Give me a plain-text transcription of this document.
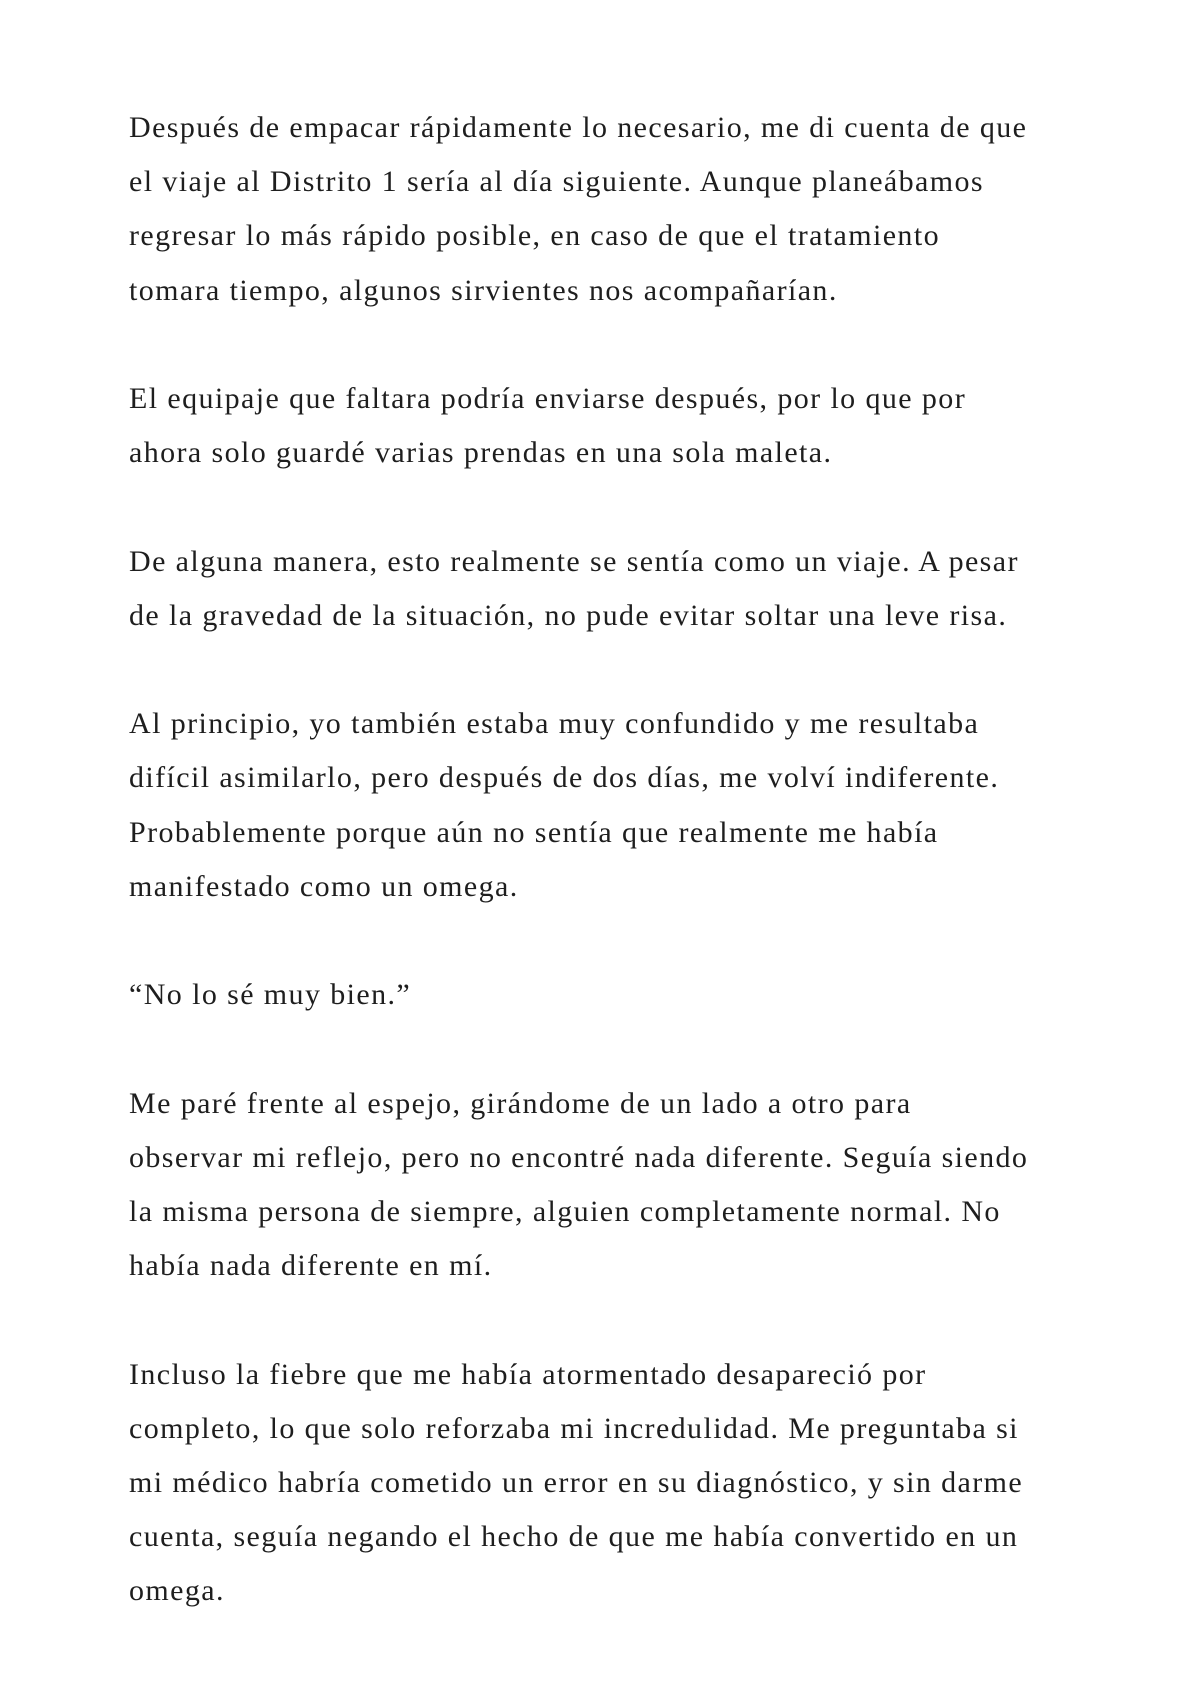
Después de empacar rápidamente lo necesario, me di cuenta de que
el viaje al Distrito 1 sería al día siguiente. Aunque planeábamos
regresar lo más rápido posible, en caso de que el tratamiento
tomara tiempo, algunos sirvientes nos acompañarían.

El equipaje que faltara podría enviarse después, por lo que por
ahora solo guardé varias prendas en una sola maleta.

De alguna manera, esto realmente se sentía como un viaje. A pesar
de la gravedad de la situación, no pude evitar soltar una leve risa.

Al principio, yo también estaba muy confundido y me resultaba
difícil asimilarlo, pero después de dos días, me volví indiferente.
Probablemente porque aún no sentía que realmente me había
manifestado como un omega.

“No lo sé muy bien.”

Me paré frente al espejo, girándome de un lado a otro para
observar mi reflejo, pero no encontré nada diferente. Seguía siendo
la misma persona de siempre, alguien completamente normal. No
había nada diferente en mí.

Incluso la fiebre que me había atormentado desapareció por
completo, lo que solo reforzaba mi incredulidad. Me preguntaba si
mi médico habría cometido un error en su diagnóstico, y sin darme
cuenta, seguía negando el hecho de que me había convertido en un
omega.
